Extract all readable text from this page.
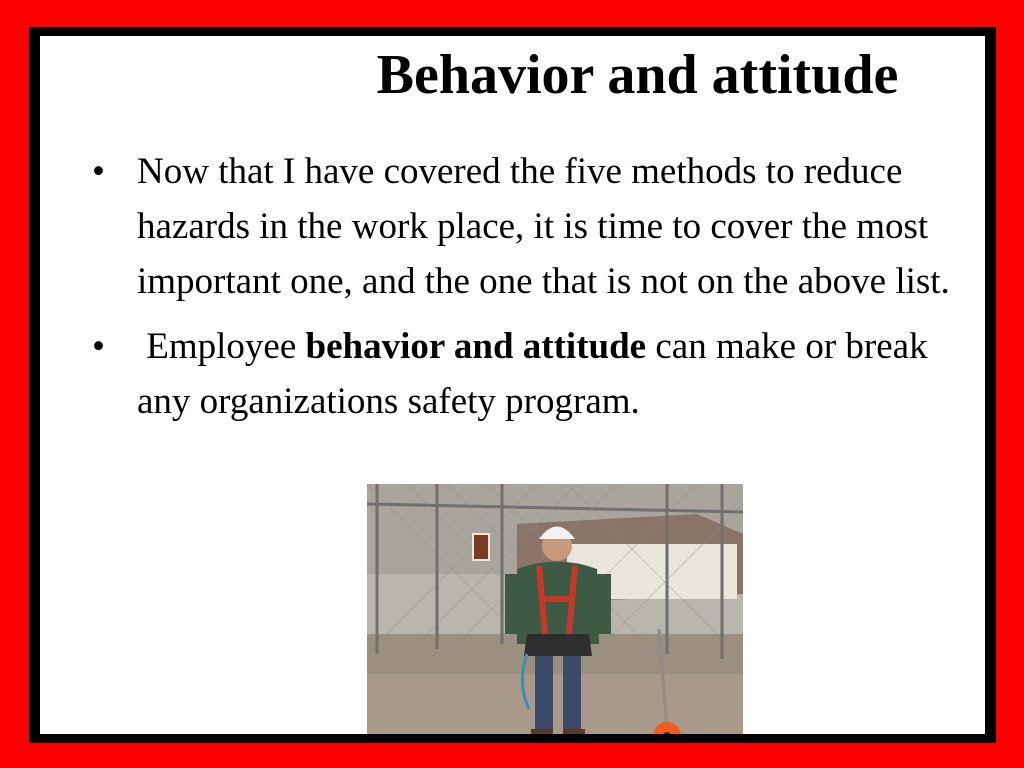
Behavior and attitude
• Now that I have covered the five methods to reduce hazards in the work place, it is time to cover the most important one, and the one that is not on the above list.
• Employee behavior and attitude can make or break any organizations safety program.
